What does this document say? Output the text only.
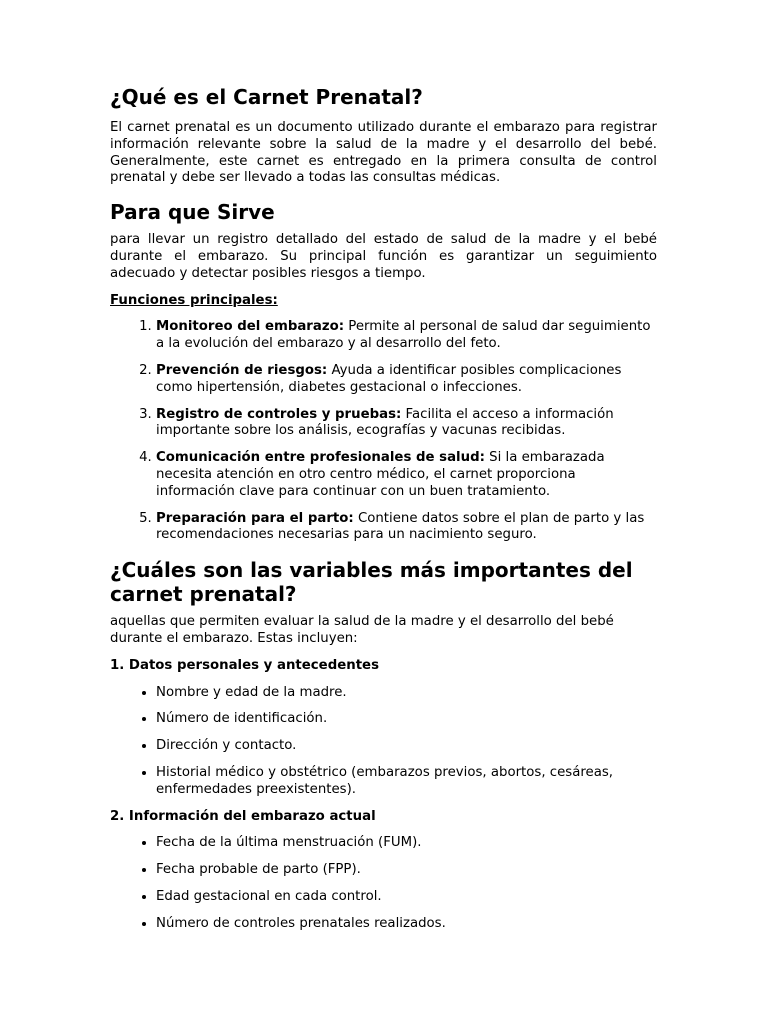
¿Qué es el Carnet Prenatal?

El carnet prenatal es un documento utilizado durante el embarazo para registrar información relevante sobre la salud de la madre y el desarrollo del bebé. Generalmente, este carnet es entregado en la primera consulta de control prenatal y debe ser llevado a todas las consultas médicas.

Para que Sirve

para llevar un registro detallado del estado de salud de la madre y el bebé durante el embarazo. Su principal función es garantizar un seguimiento adecuado y detectar posibles riesgos a tiempo.

Funciones principales:

1. Monitoreo del embarazo: Permite al personal de salud dar seguimiento a la evolución del embarazo y al desarrollo del feto.
2. Prevención de riesgos: Ayuda a identificar posibles complicaciones como hipertensión, diabetes gestacional o infecciones.
3. Registro de controles y pruebas: Facilita el acceso a información importante sobre los análisis, ecografías y vacunas recibidas.
4. Comunicación entre profesionales de salud: Si la embarazada necesita atención en otro centro médico, el carnet proporciona información clave para continuar con un buen tratamiento.
5. Preparación para el parto: Contiene datos sobre el plan de parto y las recomendaciones necesarias para un nacimiento seguro.
¿Cuáles son las variables más importantes del carnet prenatal?

aquellas que permiten evaluar la salud de la madre y el desarrollo del bebé durante el embarazo. Estas incluyen:

1. Datos personales y antecedentes

• Nombre y edad de la madre.
• Número de identificación.
• Dirección y contacto.
• Historial médico y obstétrico (embarazos previos, abortos, cesáreas, enfermedades preexistentes).

2. Información del embarazo actual

• Fecha de la última menstruación (FUM).
• Fecha probable de parto (FPP).
• Edad gestacional en cada control.
• Número de controles prenatales realizados.
